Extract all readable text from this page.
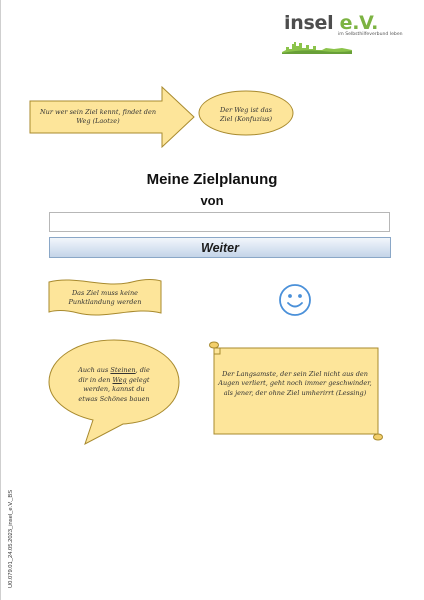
insel e.V.
im Selbsthilfeverbund leben
Nur wer sein Ziel kennt, findet den Weg (Laotze)
Der Weg ist das Ziel (Konfuzius)
Meine Zielplanung
von
Weiter
Das Ziel muss keine Punktlandung werden
Auch aus Steinen, die
dir in den Weg gelegt
werden, kannst du
etwas Schönes bauen
Der Langsamste, der sein Ziel nicht aus den Augen verliert, geht noch immer geschwinder, als jener, der ohne Ziel umherirrt (Lessing)
U0.079.01_24.05.2023_insel_e.V._BS
